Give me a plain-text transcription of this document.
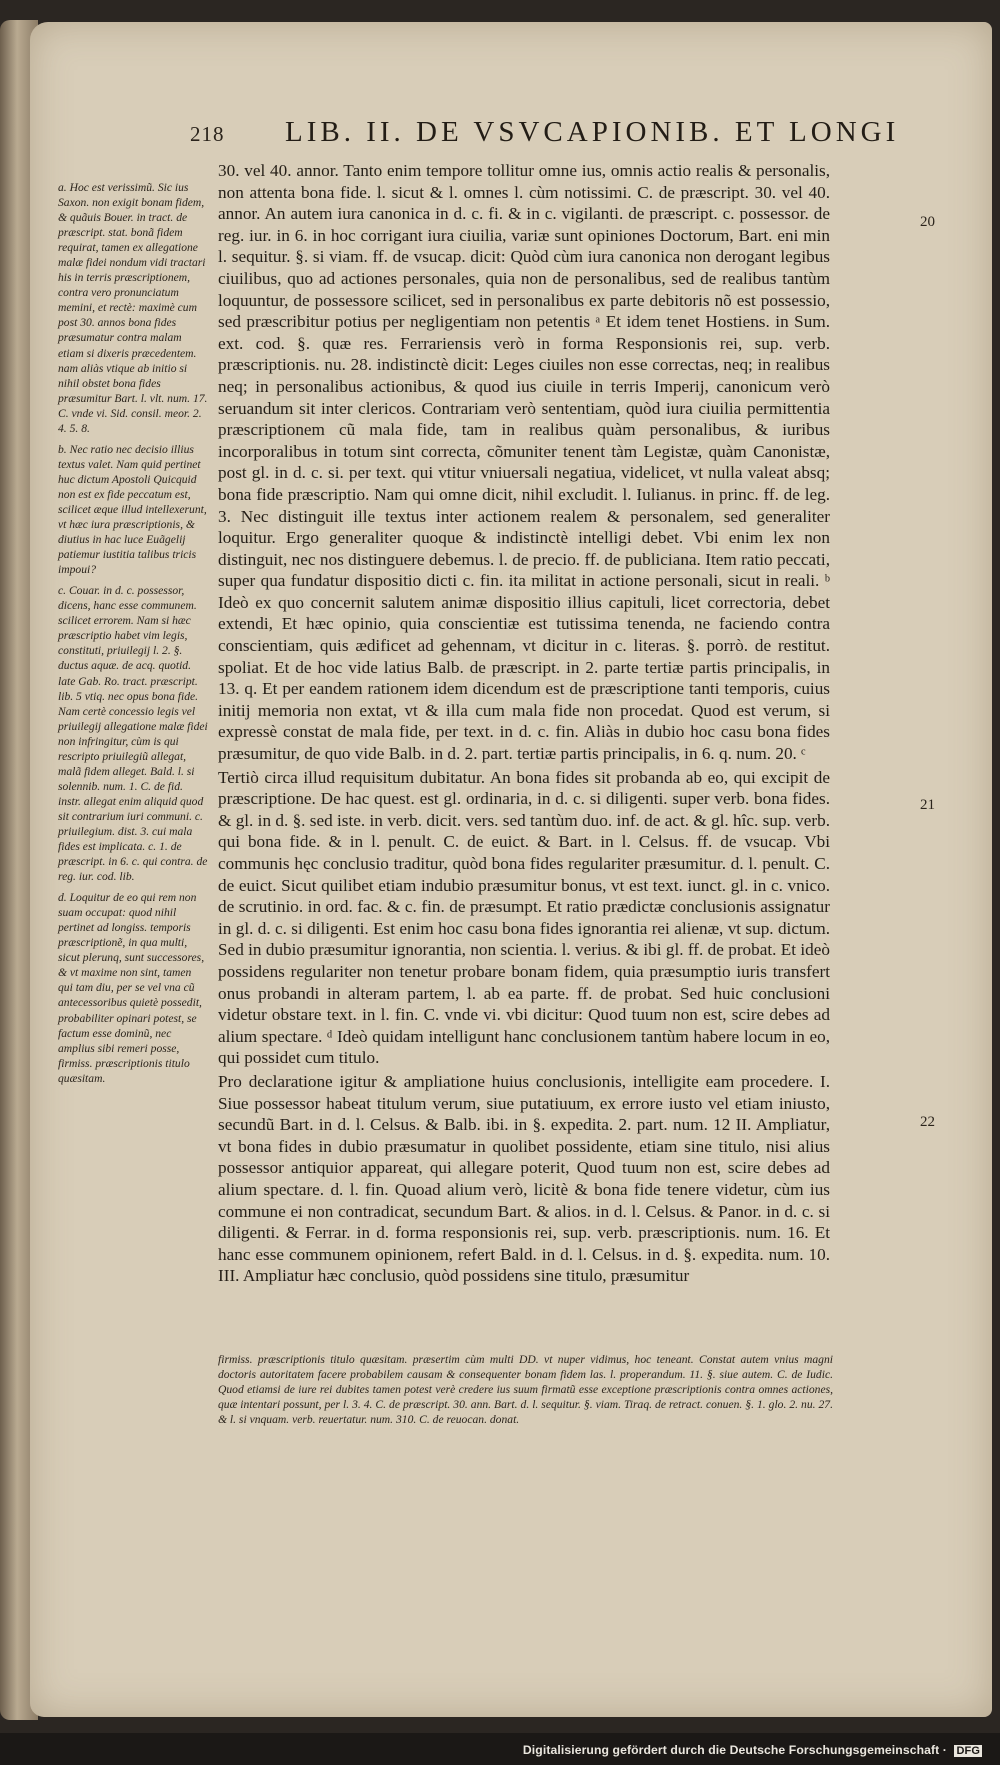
218 LIB. II. DE VSVCAPIONIB. ET LONGI

a. Hoc est verissimũ. Sic ius Saxon. non exigit bonam fidem, & quãuis Bouer. in tract. de præscript. stat. bonã fidem requirat, tamen ex allegatione malæ fidei nondum vidi tractari his in terris præscriptionem, contra vero pronunciatum memini, et rectè: maximè cum post 30. annos bona fides præsumatur contra malam etiam si dixeris præcedentem. nam aliàs vtique ab initio si nihil obstet bona fides præsumitur Bart. l. vlt. num. 17. C. vnde vi. Sid. consil. meor. 2. 4. 5. 8.

b. Nec ratio nec decisio illius textus valet. Nam quid pertinet huc dictum Apostoli Quicquid non est ex fide peccatum est, scilicet æque illud intellexerunt, vt hæc iura præscriptionis, & diutius in hac luce Euãgelij patiemur iustitia talibus tricis impoui?

c. Couar. in d. c. possessor, dicens, hanc esse communem. scilicet errorem. Nam si hæc præscriptio habet vim legis, constituti, priuilegij l. 2. §. ductus aquæ. de acq. quotid. late Gab. Ro. tract. præscript. lib. 5 vtiq. nec opus bona fide. Nam certè concessio legis vel priuilegij allegatione malæ fidei non infringitur, cùm is qui rescripto priuilegiũ allegat, malã fidem alleget. Bald. l. si solennib. num. 1. C. de fid. instr. allegat enim aliquid quod sit contrarium iuri communi. c. priuilegium. dist. 3. cui mala fides est implicata. c. 1. de præscript. in 6. c. qui contra. de reg. iur. cod. lib.

d. Loquitur de eo qui rem non suam occupat: quod nihil pertinet ad longiss. temporis præscriptionẽ, in qua multi, sicut plerunq, sunt successores, & vt maxime non sint, tamen qui tam diu, per se vel vna cũ antecessoribus quietè possedit, probabiliter opinari potest, se factum esse dominũ, nec amplius sibi remeri posse, firmiss. præscriptionis titulo quæsitam.

30. vel 40. annor. Tanto enim tempore tollitur omne ius, omnis actio realis & personalis, non attenta bona fide. l. sicut & l. omnes l. cùm notissimi. C. de præscript. 30. vel 40. annor. An autem iura canonica in d. c. fi. & in c. vigilanti. de præscript. c. possessor. de reg. iur. in 6. in hoc corrigant iura ciuilia, variæ sunt opiniones Doctorum, Bart. eni min l. sequitur. §. si viam. ff. de vsucap. dicit: Quòd cùm iura canonica non derogant legibus ciuilibus, quo ad actiones personales, quia non de personalibus, sed de realibus tantùm loquuntur, de possessore scilicet, sed in personalibus ex parte debitoris nõ est possessio, sed præscribitur potius per negligentiam non petentis ᵃ Et idem tenet Hostiens. in Sum. ext. cod. §. quæ res. Ferrariensis verò in forma Responsionis rei, sup. verb. præscriptionis. nu. 28. indistinctè dicit: Leges ciuiles non esse correctas, neq; in realibus neq; in personalibus actionibus, & quod ius ciuile in terris Imperij, canonicum verò seruandum sit inter clericos. Contrariam verò sententiam, quòd iura ciuilia permittentia præscriptionem cũ mala fide, tam in realibus quàm personalibus, & iuribus incorporalibus in totum sint correcta, cõmuniter tenent tàm Legistæ, quàm Canonistæ, post gl. in d. c. si. per text. qui vtitur vniuersali negatiua, videlicet, vt nulla valeat absq; bona fide præscriptio. Nam qui omne dicit, nihil excludit. l. Iulianus. in princ. ff. de leg. 3. Nec distinguit ille textus inter actionem realem & personalem, sed generaliter loquitur. Ergo generaliter quoque & indistinctè intelligi debet. Vbi enim lex non distinguit, nec nos distinguere debemus. l. de precio. ff. de publiciana. Item ratio peccati, super qua fundatur dispositio dicti c. fin. ita militat in actione personali, sicut in reali. ᵇ Ideò ex quo concernit salutem animæ dispositio illius capituli, licet correctoria, debet extendi, Et hæc opinio, quia conscientiæ est tutissima tenenda, ne faciendo contra conscientiam, quis ædificet ad gehennam, vt dicitur in c. literas. §. porrò. de restitut. spoliat. Et de hoc vide latius Balb. de præscript. in 2. parte tertiæ partis principalis, in 13. q. Et per eandem rationem idem dicendum est de præscriptione tanti temporis, cuius initij memoria non extat, vt & illa cum mala fide non procedat. Quod est verum, si expressè constat de mala fide, per text. in d. c. fin. Aliàs in dubio hoc casu bona fides præsumitur, de quo vide Balb. in d. 2. part. tertiæ partis principalis, in 6. q. num. 20. ᶜ

Tertiò circa illud requisitum dubitatur. An bona fides sit probanda ab eo, qui excipit de præscriptione. De hac quest. est gl. ordinaria, in d. c. si diligenti. super verb. bona fides. & gl. in d. §. sed iste. in verb. dicit. vers. sed tantùm duo. inf. de act. & gl. hîc. sup. verb. qui bona fide. & in l. penult. C. de euict. & Bart. in l. Celsus. ff. de vsucap. Vbi communis hęc conclusio traditur, quòd bona fides regulariter præsumitur. d. l. penult. C. de euict. Sicut quilibet etiam indubio præsumitur bonus, vt est text. iunct. gl. in c. vnico. de scrutinio. in ord. fac. & c. fin. de præsumpt. Et ratio prædictæ conclusionis assignatur in gl. d. c. si diligenti. Est enim hoc casu bona fides ignorantia rei alienæ, vt sup. dictum. Sed in dubio præsumitur ignorantia, non scientia. l. verius. & ibi gl. ff. de probat. Et ideò possidens regulariter non tenetur probare bonam fidem, quia præsumptio iuris transfert onus probandi in alteram partem, l. ab ea parte. ff. de probat. Sed huic conclusioni videtur obstare text. in l. fin. C. vnde vi. vbi dicitur: Quod tuum non est, scire debes ad alium spectare. ᵈ Ideò quidam intelligunt hanc conclusionem tantùm habere locum in eo, qui possidet cum titulo.

Pro declaratione igitur & ampliatione huius conclusionis, intelligite eam procedere. I. Siue possessor habeat titulum verum, siue putatiuum, ex errore iusto vel etiam iniusto, secundũ Bart. in d. l. Celsus. & Balb. ibi. in §. expedita. 2. part. num. 12 II. Ampliatur, vt bona fides in dubio præsumatur in quolibet possidente, etiam sine titulo, nisi alius possessor antiquior appareat, qui allegare poterit, Quod tuum non est, scire debes ad alium spectare. d. l. fin. Quoad alium verò, licitè & bona fide tenere videtur, cùm ius commune ei non contradicat, secundum Bart. & alios. in d. l. Celsus. & Panor. in d. c. si diligenti. & Ferrar. in d. forma responsionis rei, sup. verb. præscriptionis. num. 16. Et hanc esse communem opinionem, refert Bald. in d. l. Celsus. in d. §. expedita. num. 10. III. Ampliatur hæc conclusio, quòd possidens sine titulo, præsumitur

20
21
22
firmiss. præscriptionis titulo quæsitam. præsertim cùm multi DD. vt nuper vidimus, hoc teneant. Constat autem vnius magni doctoris autoritatem facere probabilem causam & consequenter bonam fidem las. l. properandum. 11. §. siue autem. C. de Iudic. Quod etiamsi de iure rei dubites tamen potest verè credere ius suum firmatũ esse exceptione præscriptionis contra omnes actiones, quæ intentari possunt, per l. 3. 4. C. de præscript. 30. ann. Bart. d. l. sequitur. §. viam. Tiraq. de retract. conuen. §. 1. glo. 2. nu. 27. & l. si vnquam. verb. reuertatur. num. 310. C. de reuocan. donat.
Digitalisierung gefördert durch die Deutsche Forschungsgemeinschaft · DFG
